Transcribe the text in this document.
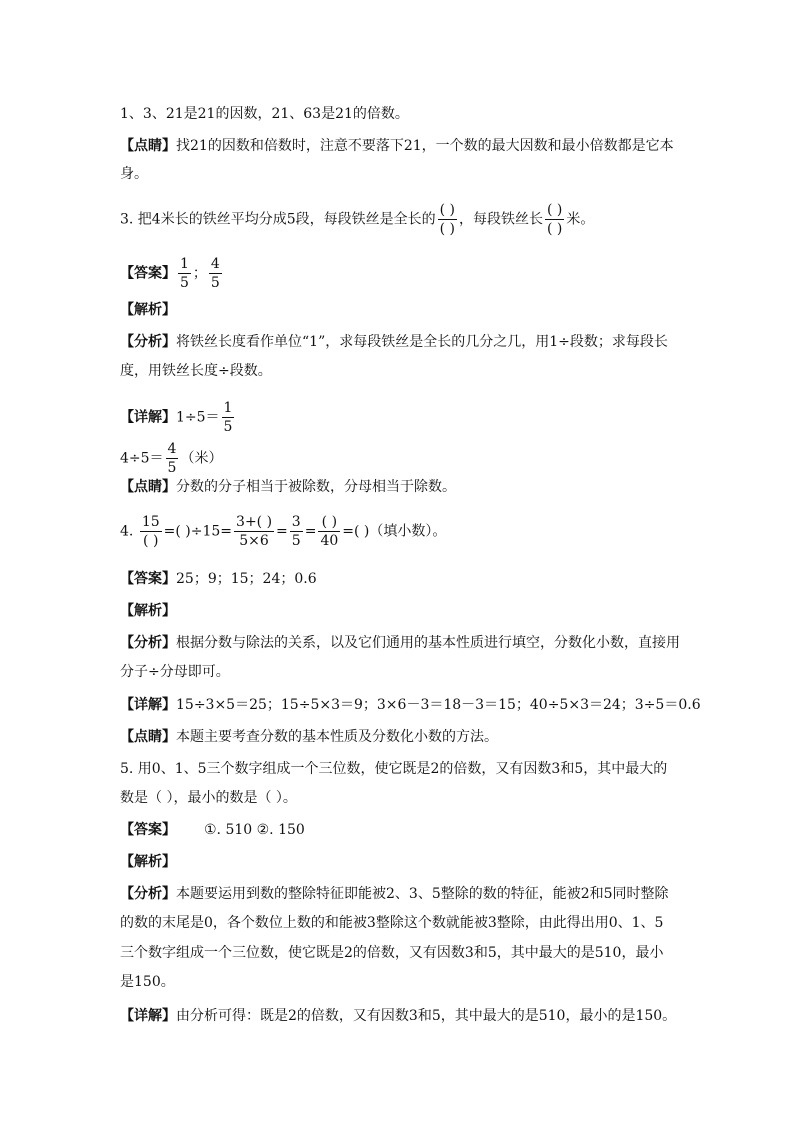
1、3、21是21的因数，21、63是21的倍数。
【点睛】找21的因数和倍数时，注意不要落下21，一个数的最大因数和最小倍数都是它本
身。
3. 把4米长的铁丝平均分成5段，每段铁丝是全长的 $\frac{( )}{( )}$ ，每段铁丝长 $\frac{( )}{( )}$ 米。
【答案】 $\frac{1}{5}$ ； $\frac{4}{5}$
【解析】
【分析】将铁丝长度看作单位“1”，求每段铁丝是全长的几分之几，用1÷段数；求每段长
度，用铁丝长度÷段数。
【详解】$1\div 5= \frac{1}{5}$
$4\div 5= \frac{4}{5}$ （米）
【点睛】分数的分子相当于被除数，分母相当于除数。
4. $\frac{15}{( )}$ =( )$\div 15= \frac{3+( )}{5\times 6} = \frac{3}{5} = \frac{( )}{40}$ =( )（填小数）。
【答案】25；9；15；24；0.6
【解析】
【分析】根据分数与除法的关系，以及它们通用的基本性质进行填空，分数化小数，直接用
分子÷分母即可。
【详解】15÷3×5＝25；15÷5×3＝9；3×6－3＝18－3＝15；40÷5×3＝24；3÷5＝0.6
【点睛】本题主要考查分数的基本性质及分数化小数的方法。
5. 用0、1、5三个数字组成一个三位数，使它既是2的倍数，又有因数3和5，其中最大的
数是（ ），最小的数是（ ）。
【答案】 ①. 510 ②. 150
【解析】
【分析】本题要运用到数的整除特征即能被2、3、5整除的数的特征，能被2和5同时整除
的数的末尾是0，各个数位上数的和能被3整除这个数就能被3整除，由此得出用0、1、5
三个数字组成一个三位数，使它既是2的倍数，又有因数3和5，其中最大的是510，最小
是150。
【详解】由分析可得：既是2的倍数，又有因数3和5，其中最大的是510，最小的是150。
